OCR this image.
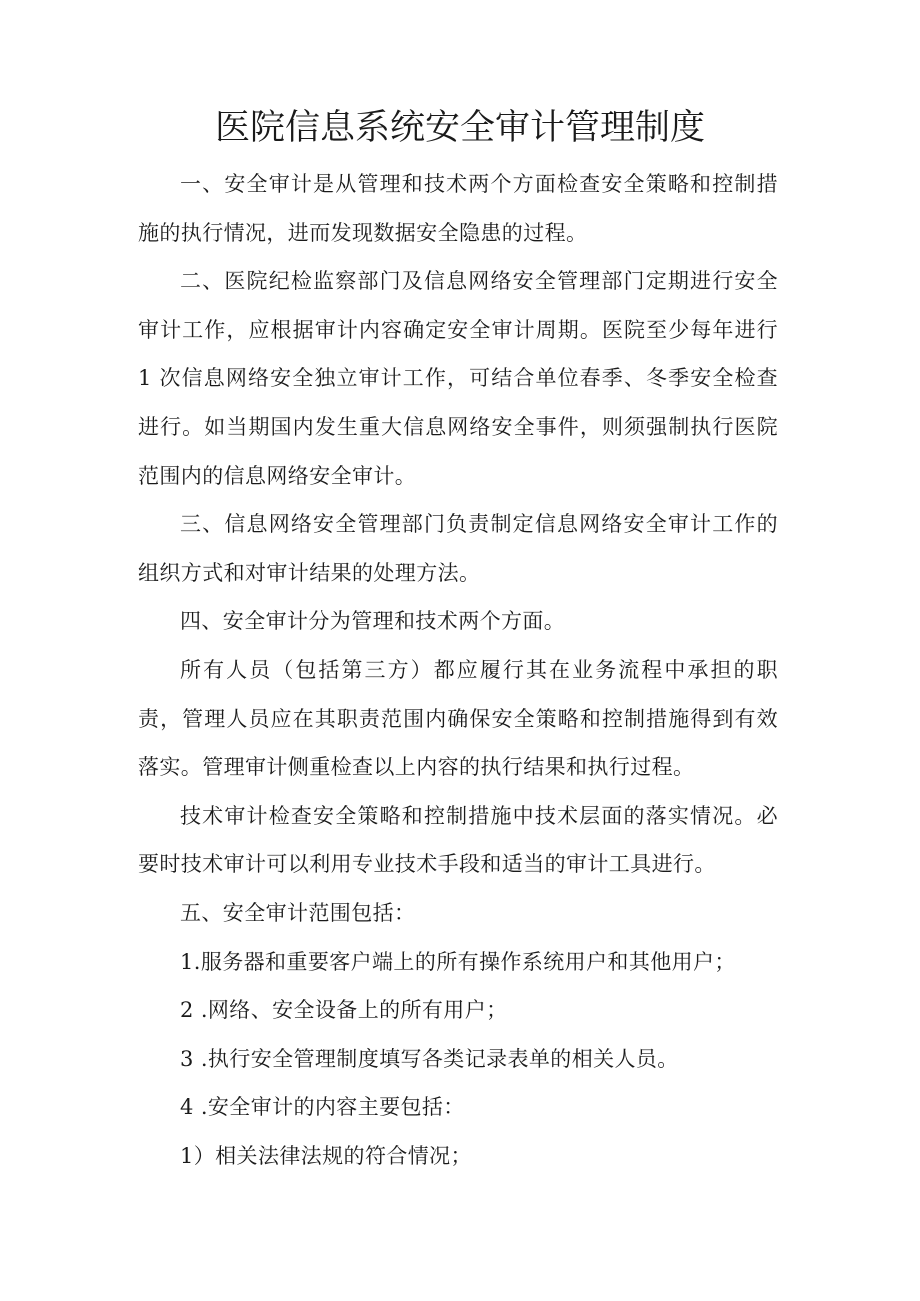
医院信息系统安全审计管理制度

一、安全审计是从管理和技术两个方面检查安全策略和控制措施的执行情况，进而发现数据安全隐患的过程。

二、医院纪检监察部门及信息网络安全管理部门定期进行安全审计工作，应根据审计内容确定安全审计周期。医院至少每年进行 1 次信息网络安全独立审计工作，可结合单位春季、冬季安全检查进行。如当期国内发生重大信息网络安全事件，则须强制执行医院范围内的信息网络安全审计。

三、信息网络安全管理部门负责制定信息网络安全审计工作的组织方式和对审计结果的处理方法。

四、安全审计分为管理和技术两个方面。

所有人员（包括第三方）都应履行其在业务流程中承担的职责，管理人员应在其职责范围内确保安全策略和控制措施得到有效落实。管理审计侧重检查以上内容的执行结果和执行过程。

技术审计检查安全策略和控制措施中技术层面的落实情况。必要时技术审计可以利用专业技术手段和适当的审计工具进行。

五、安全审计范围包括：

1.服务器和重要客户端上的所有操作系统用户和其他用户；

2 .网络、安全设备上的所有用户；

3 .执行安全管理制度填写各类记录表单的相关人员。

4 .安全审计的内容主要包括：

1）相关法律法规的符合情况；
